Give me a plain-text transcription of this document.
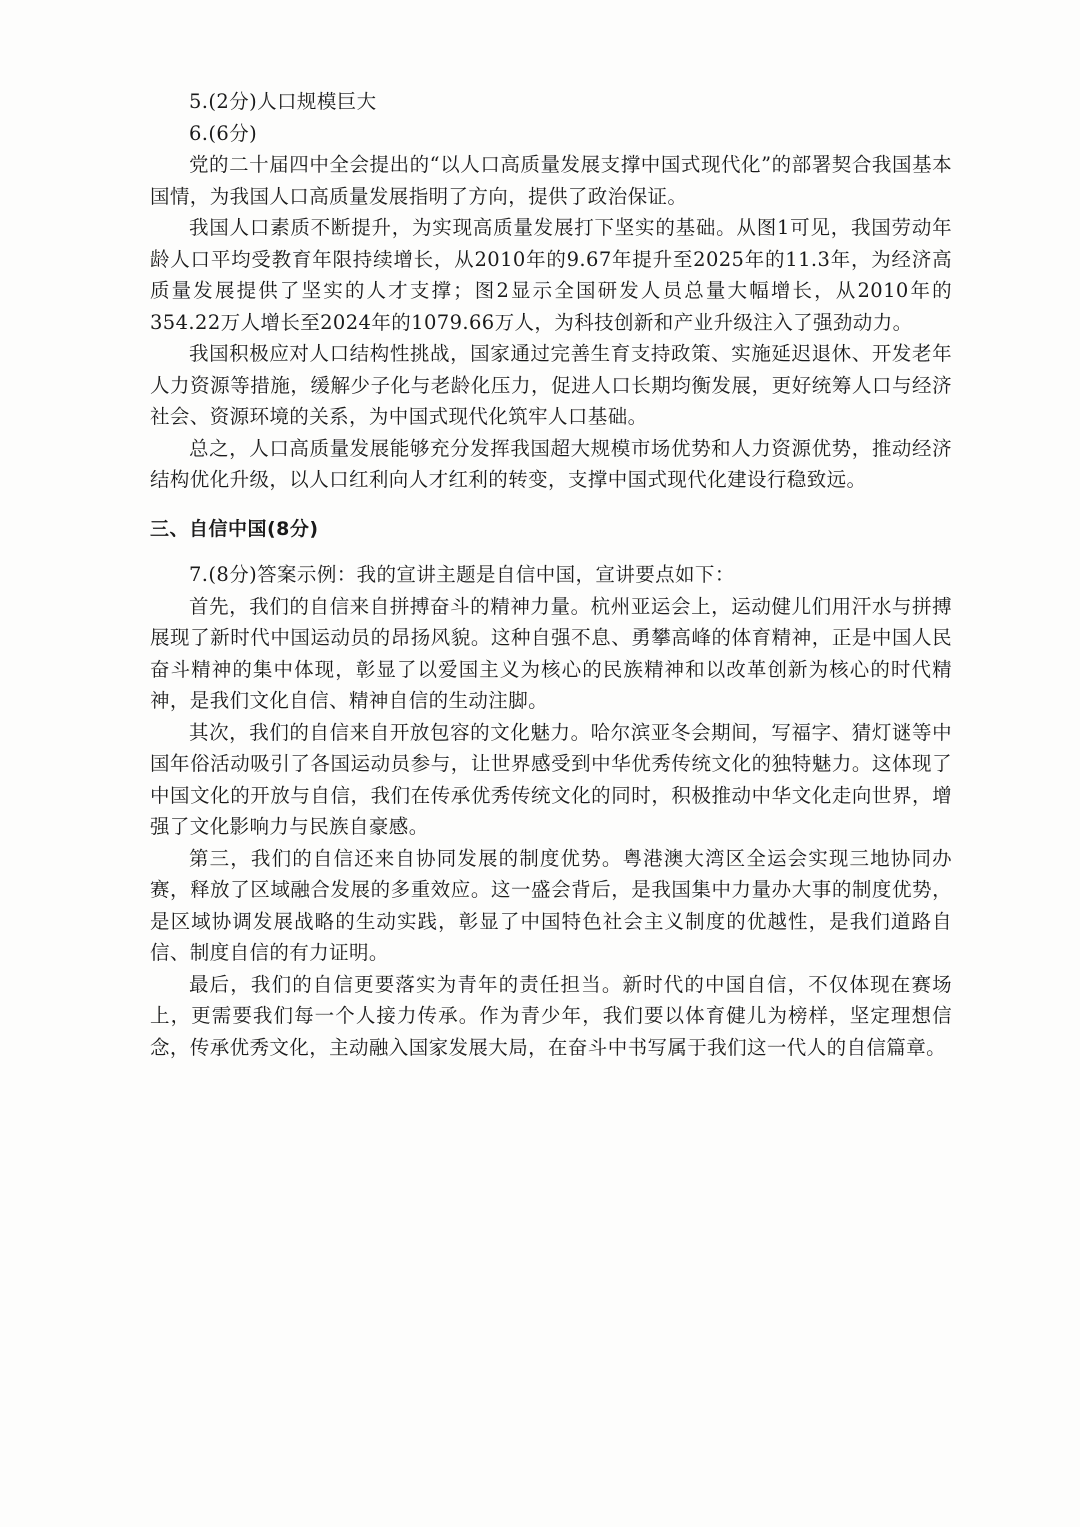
5.(2分)人口规模巨大

6.(6分)

党的二十届四中全会提出的“以人口高质量发展支撑中国式现代化”的部署契合我国基本国情，为我国人口高质量发展指明了方向，提供了政治保证。

我国人口素质不断提升，为实现高质量发展打下坚实的基础。从图1可见，我国劳动年龄人口平均受教育年限持续增长，从2010年的9.67年提升至2025年的11.3年，为经济高质量发展提供了坚实的人才支撑；图2显示全国研发人员总量大幅增长，从2010年的354.22万人增长至2024年的1079.66万人，为科技创新和产业升级注入了强劲动力。

我国积极应对人口结构性挑战，国家通过完善生育支持政策、实施延迟退休、开发老年人力资源等措施，缓解少子化与老龄化压力，促进人口长期均衡发展，更好统筹人口与经济社会、资源环境的关系，为中国式现代化筑牢人口基础。

总之，人口高质量发展能够充分发挥我国超大规模市场优势和人力资源优势，推动经济结构优化升级，以人口红利向人才红利的转变，支撑中国式现代化建设行稳致远。

三、自信中国(8分)

7.(8分)答案示例：我的宣讲主题是自信中国，宣讲要点如下：

首先，我们的自信来自拼搏奋斗的精神力量。杭州亚运会上，运动健儿们用汗水与拼搏展现了新时代中国运动员的昂扬风貌。这种自强不息、勇攀高峰的体育精神，正是中国人民奋斗精神的集中体现，彰显了以爱国主义为核心的民族精神和以改革创新为核心的时代精神，是我们文化自信、精神自信的生动注脚。

其次，我们的自信来自开放包容的文化魅力。哈尔滨亚冬会期间，写福字、猜灯谜等中国年俗活动吸引了各国运动员参与，让世界感受到中华优秀传统文化的独特魅力。这体现了中国文化的开放与自信，我们在传承优秀传统文化的同时，积极推动中华文化走向世界，增强了文化影响力与民族自豪感。

第三，我们的自信还来自协同发展的制度优势。粤港澳大湾区全运会实现三地协同办赛，释放了区域融合发展的多重效应。这一盛会背后，是我国集中力量办大事的制度优势，是区域协调发展战略的生动实践，彰显了中国特色社会主义制度的优越性，是我们道路自信、制度自信的有力证明。

最后，我们的自信更要落实为青年的责任担当。新时代的中国自信，不仅体现在赛场上，更需要我们每一个人接力传承。作为青少年，我们要以体育健儿为榜样，坚定理想信念，传承优秀文化，主动融入国家发展大局，在奋斗中书写属于我们这一代人的自信篇章。
